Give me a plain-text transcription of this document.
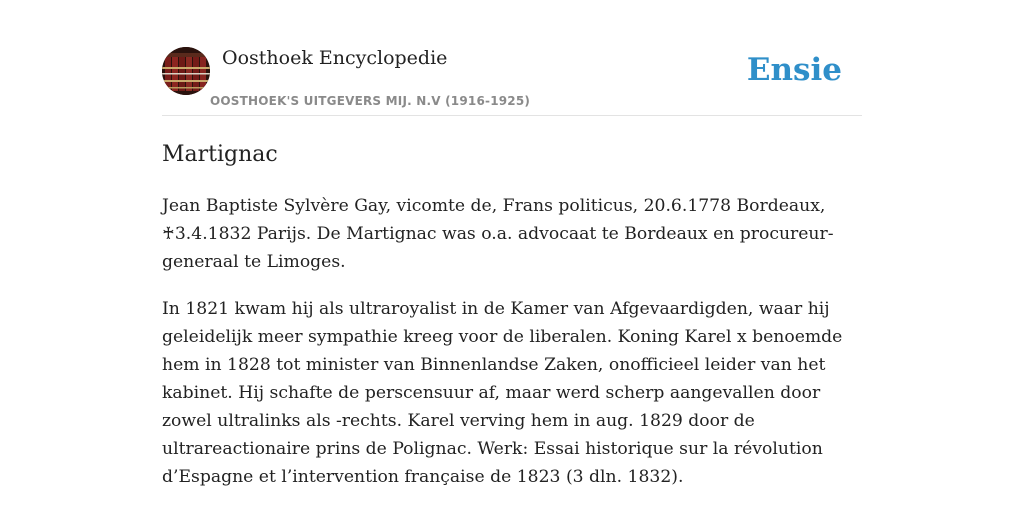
Oosthoek Encyclopedie
OOSTHOEK'S UITGEVERS MIJ. N.V (1916-1925)
Ensie
Martignac

Jean Baptiste Sylvère Gay, vicomte de, Frans politicus, 20.6.1778 Bordeaux, ♰3.4.1832 Parijs. De Martignac was o.a. advocaat te Bordeaux en procureur-generaal te Limoges.

In 1821 kwam hij als ultraroyalist in de Kamer van Afgevaardigden, waar hij geleidelijk meer sympathie kreeg voor de liberalen. Koning Karel x benoemde hem in 1828 tot minister van Binnenlandse Zaken, onofficieel leider van het kabinet. Hij schafte de perscensuur af, maar werd scherp aangevallen door zowel ultralinks als -rechts. Karel verving hem in aug. 1829 door de ultrareactionaire prins de Polignac. Werk: Essai historique sur la révolution d’Espagne et l’intervention française de 1823 (3 dln. 1832).
